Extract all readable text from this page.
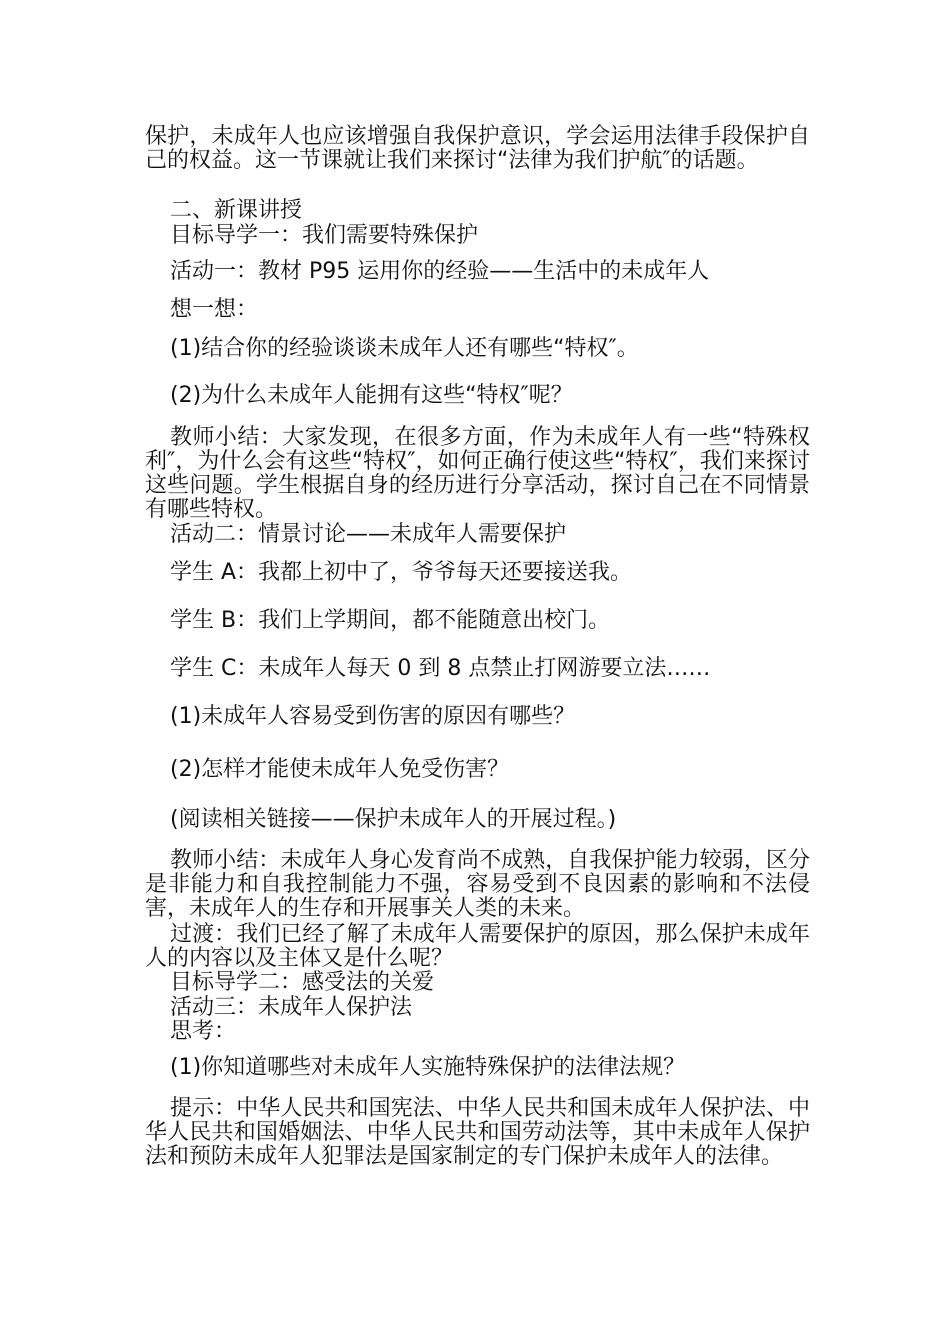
保护，未成年人也应该增强自我保护意识，学会运用法律手段保护自己的权益。这一节课就让我们来探讨“法律为我们护航″的话题。

二、新课讲授
目标导学一：我们需要特殊保护
活动一：教材 P95 运用你的经验——生活中的未成年人
想一想：
(1)结合你的经验谈谈未成年人还有哪些“特权″。
(2)为什么未成年人能拥有这些“特权″呢？

教师小结：大家发现，在很多方面，作为未成年人有一些“特殊权利″，为什么会有这些“特权″，如何正确行使这些“特权″，我们来探讨这些问题。学生根据自身的经历进行分享活动，探讨自己在不同情景有哪些特权。

活动二：情景讨论——未成年人需要保护
学生 A：我都上初中了，爷爷每天还要接送我。
学生 B：我们上学期间，都不能随意出校门。
学生 C：未成年人每天 0 到 8 点禁止打网游要立法……
(1)未成年人容易受到伤害的原因有哪些？
(2)怎样才能使未成年人免受伤害？
(阅读相关链接——保护未成年人的开展过程。)

教师小结：未成年人身心发育尚不成熟，自我保护能力较弱，区分是非能力和自我控制能力不强，容易受到不良因素的影响和不法侵害，未成年人的生存和开展事关人类的未来。

过渡：我们已经了解了未成年人需要保护的原因，那么保护未成年人的内容以及主体又是什么呢？

目标导学二：感受法的关爱
活动三：未成年人保护法
思考：
(1)你知道哪些对未成年人实施特殊保护的法律法规？

提示：中华人民共和国宪法、中华人民共和国未成年人保护法、中华人民共和国婚姻法、中华人民共和国劳动法等，其中未成年人保护法和预防未成年人犯罪法是国家制定的专门保护未成年人的法律。
